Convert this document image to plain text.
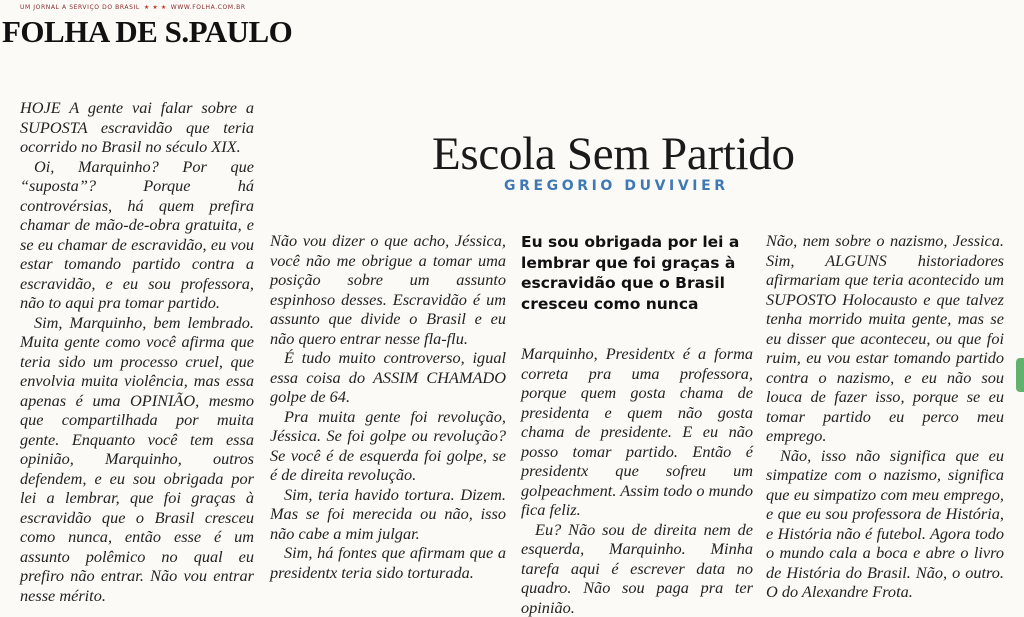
UM JORNAL A SERVIÇO DO BRASIL ★ ★ ★ WWW.FOLHA.COM.BR
FOLHA DE S.PAULO
Escola Sem Partido
GREGORIO DUVIVIER

HOJE A gente vai falar sobre a SUPOSTA escravidão que teria ocorrido no Brasil no século XIX.

Oi, Marquinho? Por que “suposta”? Porque há controvérsias, há quem prefira chamar de mão-de-obra gratuita, e se eu chamar de escravidão, eu vou estar tomando partido contra a escravidão, e eu sou professora, não to aqui pra tomar partido.

Sim, Marquinho, bem lembrado. Muita gente como você afirma que teria sido um processo cruel, que envolvia muita violência, mas essa apenas é uma OPINIÃO, mesmo que compartilhada por muita gente. Enquanto você tem essa opinião, Marquinho, outros defendem, e eu sou obrigada por lei a lembrar, que foi graças à escravidão que o Brasil cresceu como nunca, então esse é um assunto polêmico no qual eu prefiro não entrar. Não vou entrar nesse mérito.

Não vou dizer o que acho, Jéssica, você não me obrigue a tomar uma posição sobre um assunto espinhoso desses. Escravidão é um assunto que divide o Brasil e eu não quero entrar nesse fla-flu.

É tudo muito controverso, igual essa coisa do ASSIM CHAMADO golpe de 64.

Pra muita gente foi revolução, Jéssica. Se foi golpe ou revolução? Se você é de esquerda foi golpe, se é de direita revolução.

Sim, teria havido tortura. Dizem. Mas se foi merecida ou não, isso não cabe a mim julgar.

Sim, há fontes que afirmam que a presidentx teria sido torturada.

Eu sou obrigada por lei a lembrar que foi graças à escravidão que o Brasil cresceu como nunca

Marquinho, Presidentx é a forma correta pra uma professora, porque quem gosta chama de presidenta e quem não gosta chama de presidente. E eu não posso tomar partido. Então é presidentx que sofreu um golpeachment. Assim todo o mundo fica feliz.

Eu? Não sou de direita nem de esquerda, Marquinho. Minha tarefa aqui é escrever data no quadro. Não sou paga pra ter opinião.

Não, nem sobre o nazismo, Jessica. Sim, ALGUNS historiadores afirmariam que teria acontecido um SUPOSTO Holocausto e que talvez tenha morrido muita gente, mas se eu disser que aconteceu, ou que foi ruim, eu vou estar tomando partido contra o nazismo, e eu não sou louca de fazer isso, porque se eu tomar partido eu perco meu emprego.

Não, isso não significa que eu simpatize com o nazismo, significa que eu simpatizo com meu emprego, e que eu sou professora de História, e História não é futebol. Agora todo o mundo cala a boca e abre o livro de História do Brasil. Não, o outro. O do Alexandre Frota.
